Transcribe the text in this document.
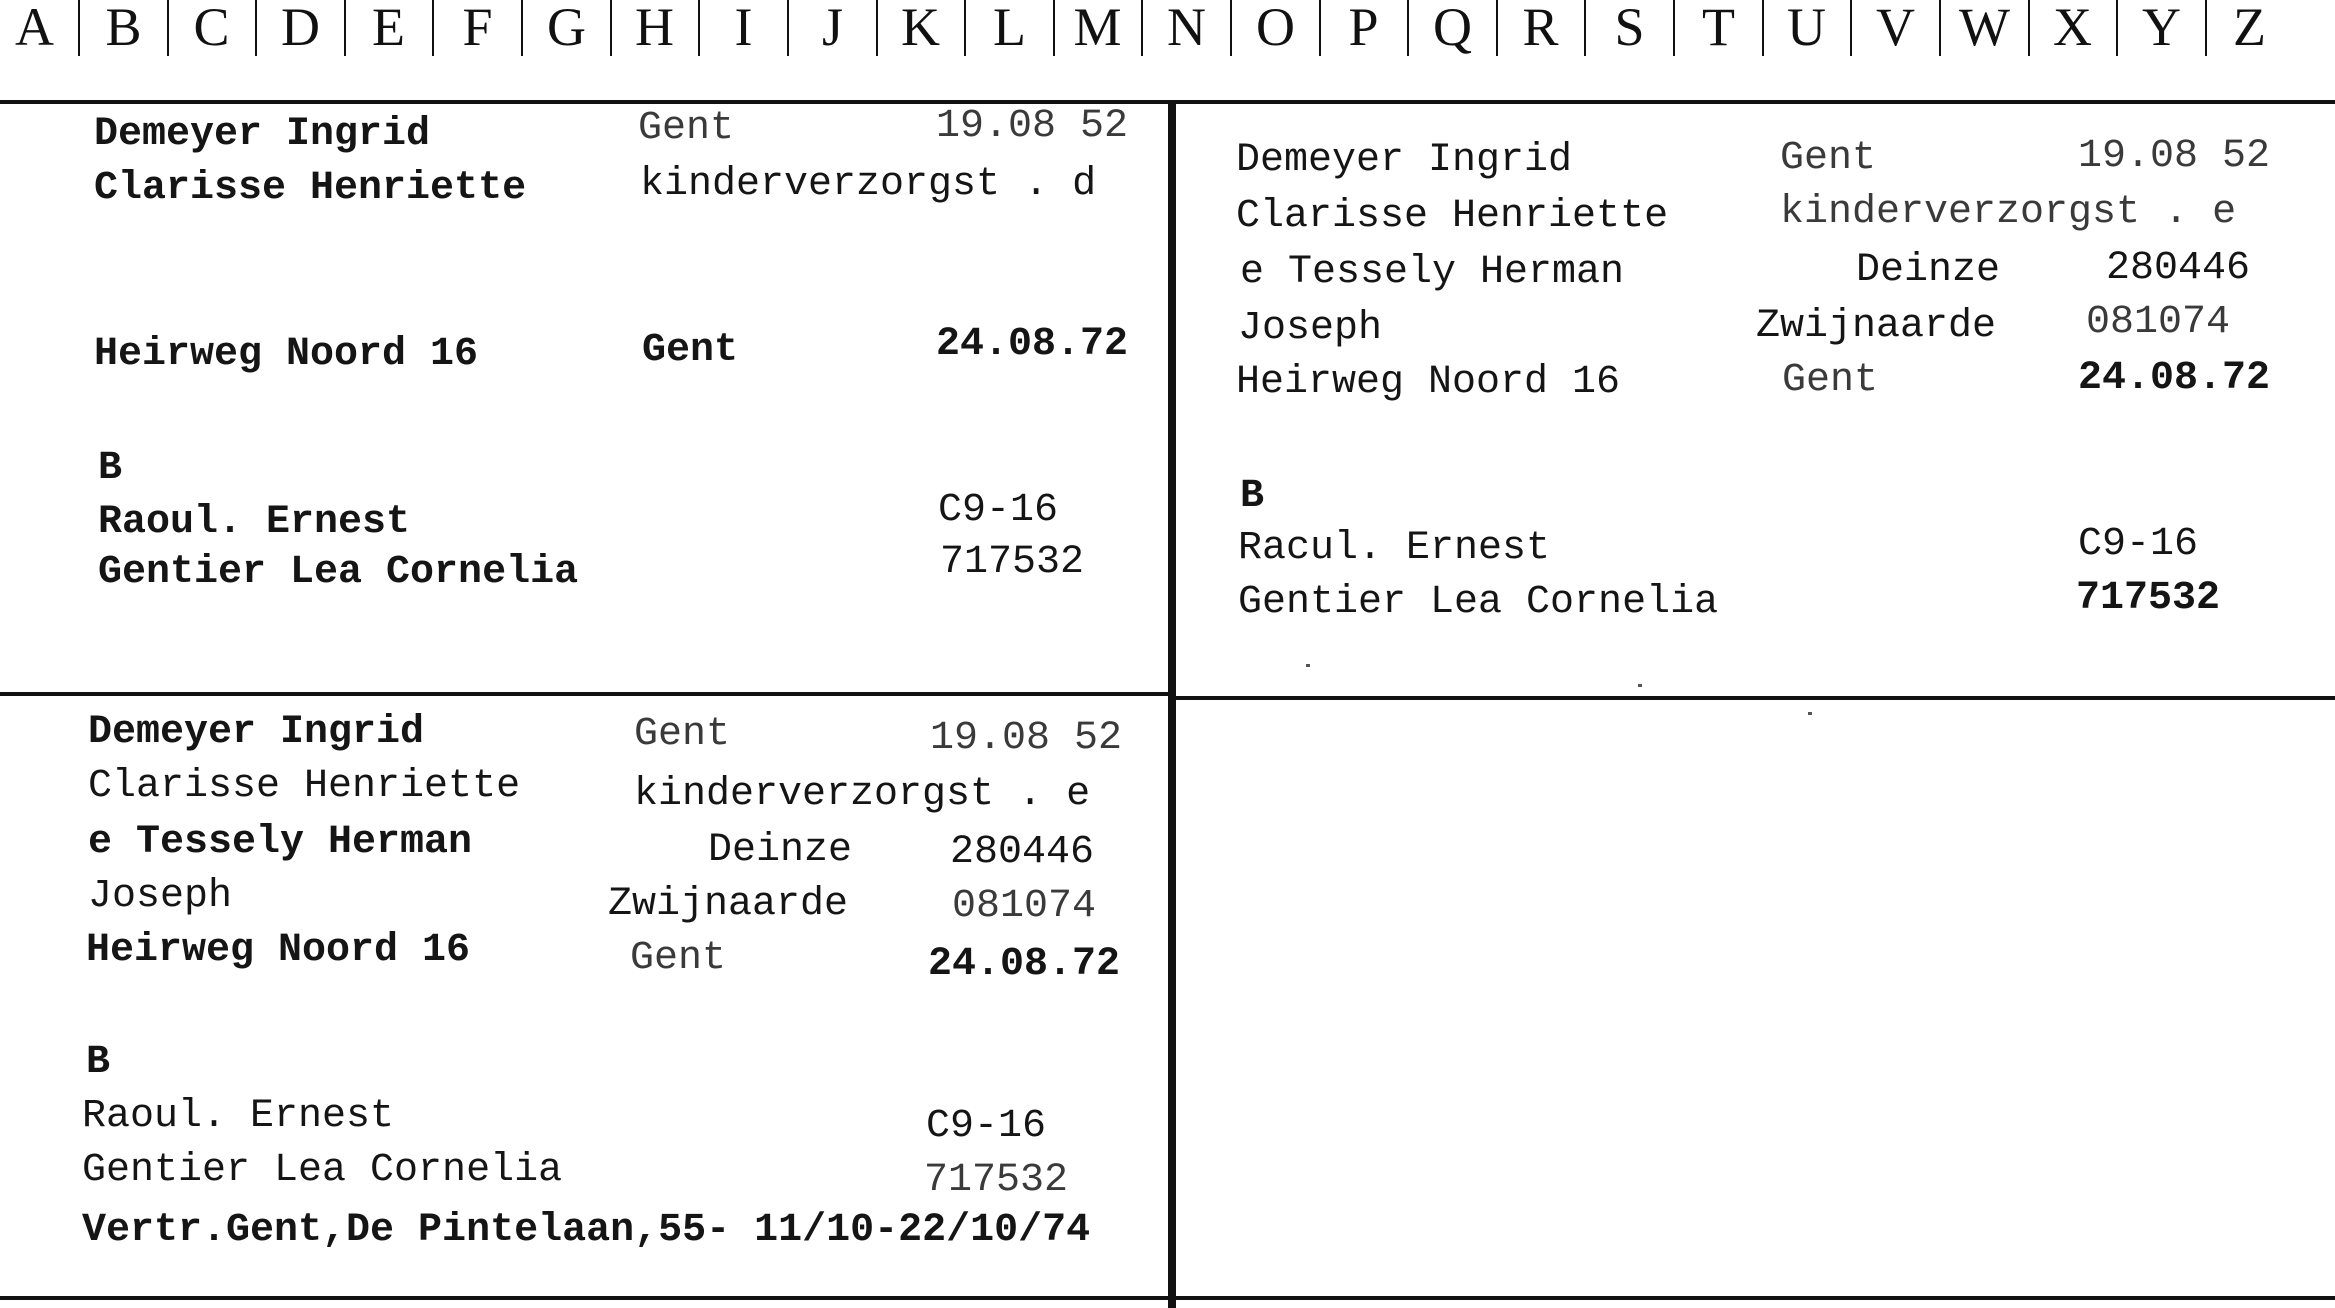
A B C D E	F	G H	I	J	K L M N O P	Q R	S	T U V W X Y Z
Demeyer Ingrid	Gent	19.08 52
Clarisse Henriette	kinderverzorgst . d
Heirweg Noord 16	Gent	24.08.72
B
Raoul. Ernest	C9-16
Gentier Lea Cornelia	717532
Demeyer Ingrid	Gent	19.08 52
Clarisse Henriette	kinderverzorgst . e
e Tessely Herman	Deinze	280446
Joseph	Zwijnaarde 081074
Heirweg Noord 16	Gent	24.08.72
B
Racul. Ernest	C9-16
Gentier Lea Cornelia	717532
Demeyer Ingrid	Gent	19.08 52
Clarisse Henriette	kinderverzorgst . e
e Tessely Herman	Deinze 280446
Joseph	Zwijnaarde	081074
Heirweg Noord 16	Gent	24.08.72
B
Raoul. Ernest	C9-16
Gentier Lea Cornelia	717532
Vertr.Gent,De Pintelaan,55- 11/10-22/10/74
